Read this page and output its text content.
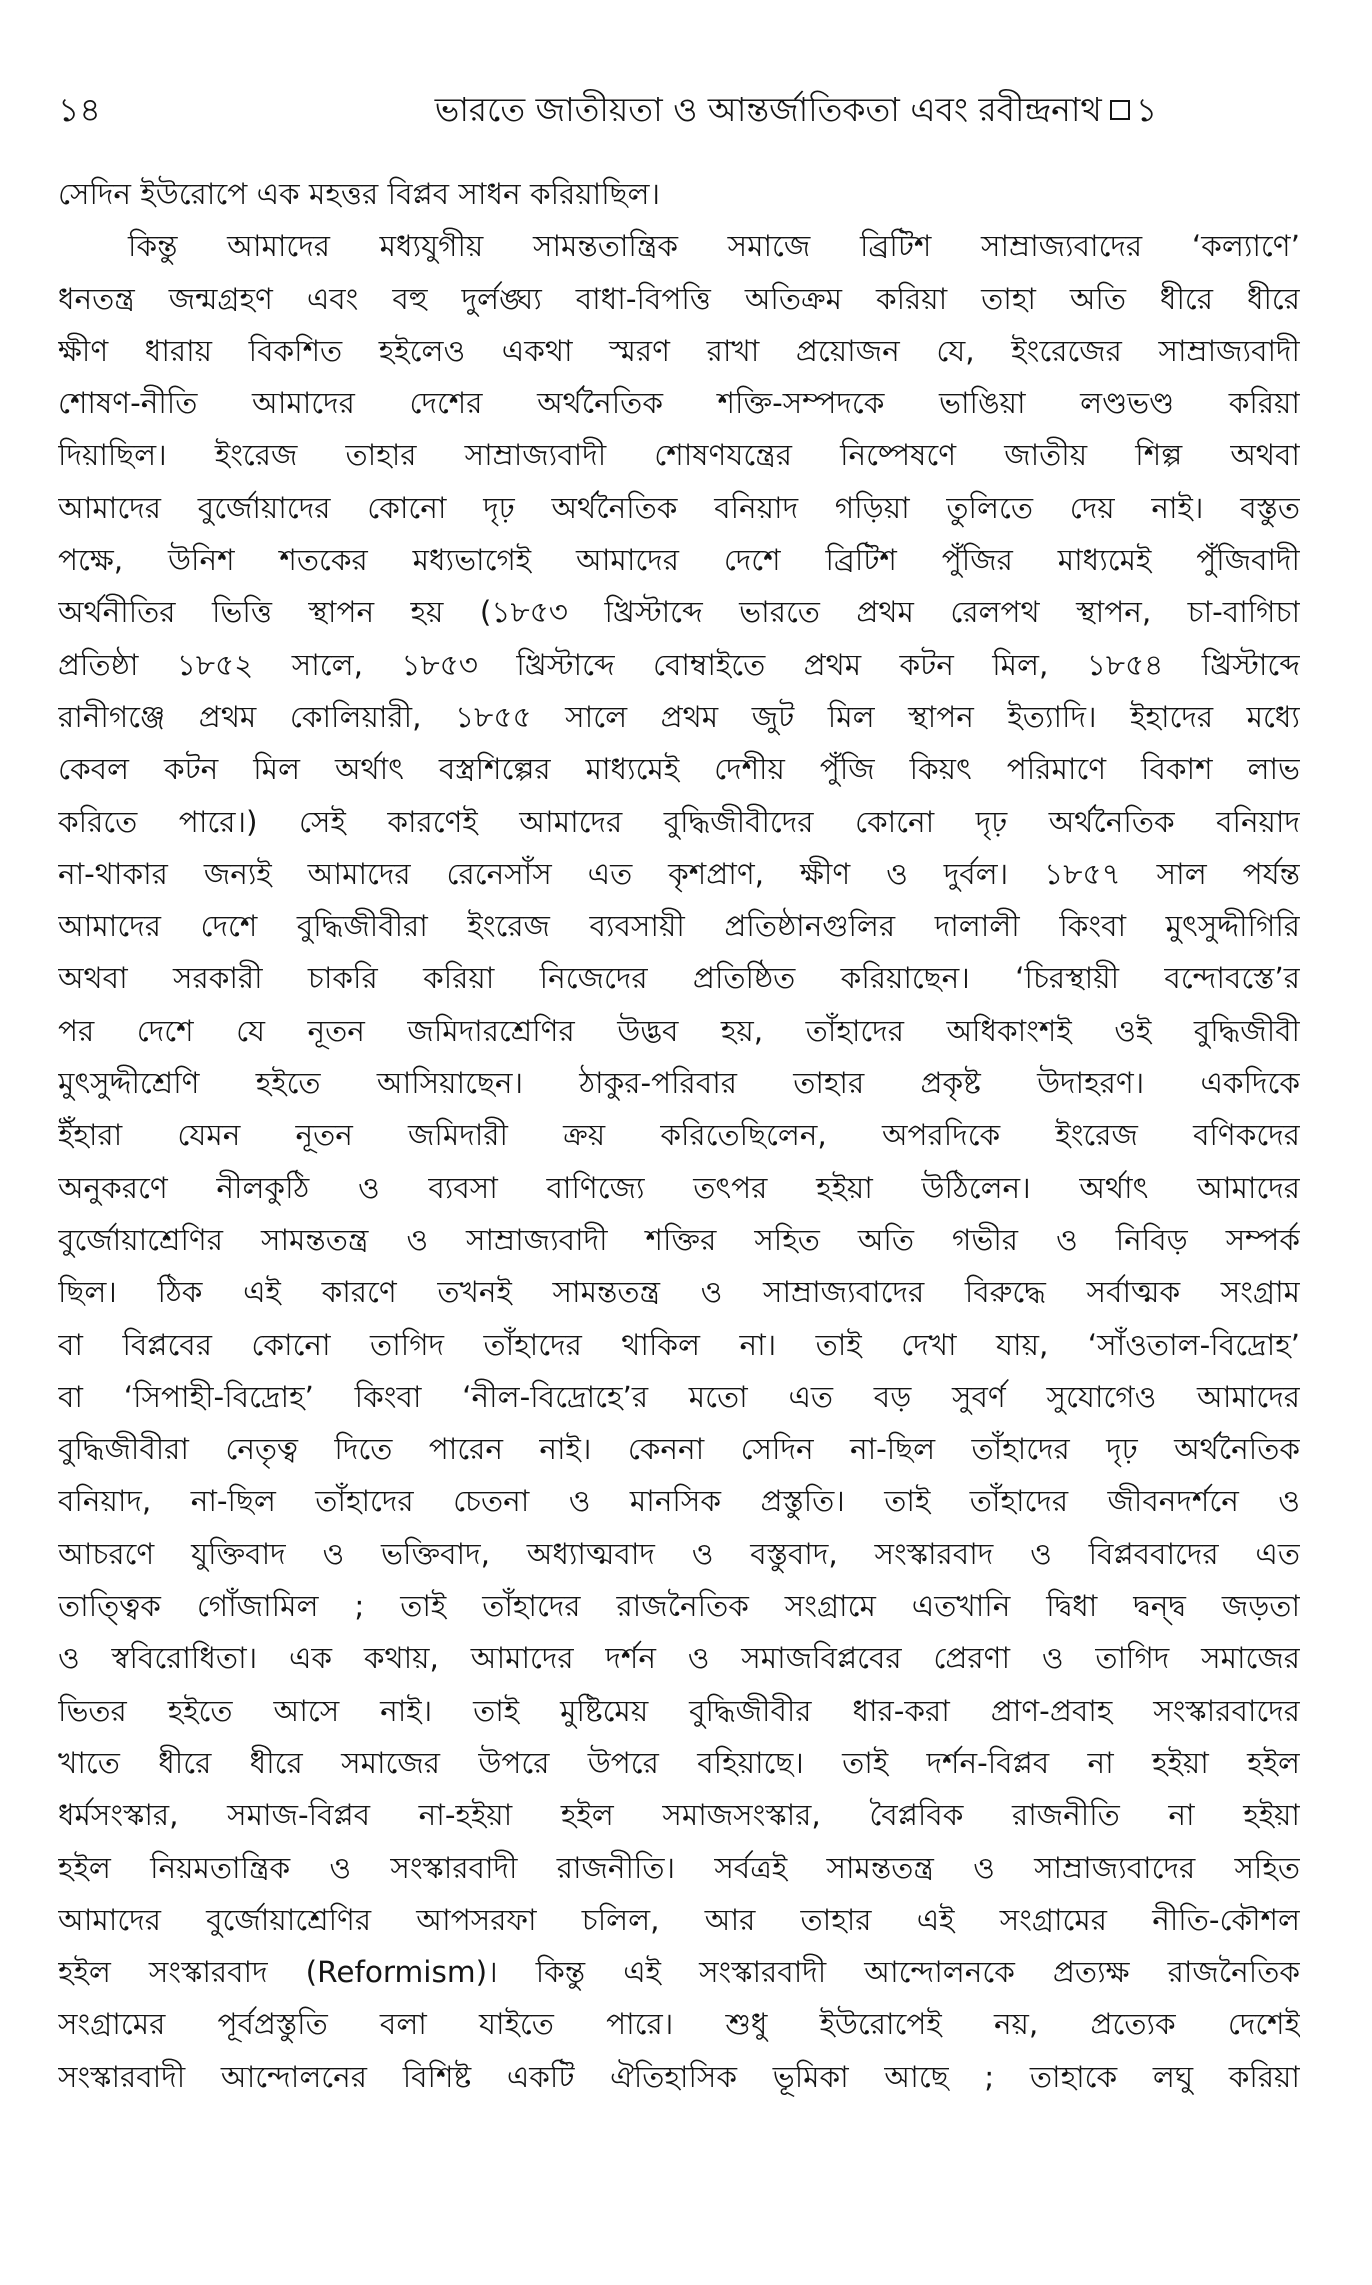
১৪	ভারতে জাতীয়তা ও আন্তর্জাতিকতা এবং রবীন্দ্রনাথ ১
সেদিন ইউরোপে এক মহত্তর বিপ্লব সাধন করিয়াছিল।
কিন্তু আমাদের মধ্যযুগীয় সামন্ততান্ত্রিক সমাজে ব্রিটিশ সাম্রাজ্যবাদের ‘কল্যাণে’
ধনতন্ত্র জন্মগ্রহণ এবং বহু দুর্লঙ্ঘ্য বাধা-বিপত্তি অতিক্রম করিয়া তাহা অতি ধীরে ধীরে
ক্ষীণ ধারায় বিকশিত হইলেও একথা স্মরণ রাখা প্রয়োজন যে, ইংরেজের সাম্রাজ্যবাদী
শোষণ-নীতি আমাদের দেশের অর্থনৈতিক শক্তি-সম্পদকে ভাঙিয়া লণ্ডভণ্ড করিয়া
দিয়াছিল। ইংরেজ তাহার সাম্রাজ্যবাদী শোষণযন্ত্রের নিষ্পেষণে জাতীয় শিল্প অথবা
আমাদের বুর্জোয়াদের কোনো দৃঢ় অর্থনৈতিক বনিয়াদ গড়িয়া তুলিতে দেয় নাই। বস্তুত
পক্ষে, উনিশ শতকের মধ্যভাগেই আমাদের দেশে ব্রিটিশ পুঁজির মাধ্যমেই পুঁজিবাদী
অর্থনীতির ভিত্তি স্থাপন হয় (১৮৫৩ খ্রিস্টাব্দে ভারতে প্রথম রেলপথ স্থাপন, চা-বাগিচা
প্রতিষ্ঠা ১৮৫২ সালে, ১৮৫৩ খ্রিস্টাব্দে বোম্বাইতে প্রথম কটন মিল, ১৮৫৪ খ্রিস্টাব্দে
রানীগঞ্জে প্রথম কোলিয়ারী, ১৮৫৫ সালে প্রথম জুট মিল স্থাপন ইত্যাদি। ইহাদের মধ্যে
কেবল কটন মিল অর্থাৎ বস্ত্রশিল্পের মাধ্যমেই দেশীয় পুঁজি কিয়ৎ পরিমাণে বিকাশ লাভ
করিতে পারে।) সেই কারণেই আমাদের বুদ্ধিজীবীদের কোনো দৃঢ় অর্থনৈতিক বনিয়াদ
না-থাকার জন্যই আমাদের রেনেসাঁস এত কৃশপ্রাণ, ক্ষীণ ও দুর্বল। ১৮৫৭ সাল পর্যন্ত
আমাদের দেশে বুদ্ধিজীবীরা ইংরেজ ব্যবসায়ী প্রতিষ্ঠানগুলির দালালী কিংবা মুৎসুদ্দীগিরি
অথবা সরকারী চাকরি করিয়া নিজেদের প্রতিষ্ঠিত করিয়াছেন। ‘চিরস্থায়ী বন্দোবস্তে’র
পর দেশে যে নূতন জমিদারশ্রেণির উদ্ভব হয়, তাঁহাদের অধিকাংশই ওই বুদ্ধিজীবী
মুৎসুদ্দীশ্রেণি হইতে আসিয়াছেন। ঠাকুর-পরিবার তাহার প্রকৃষ্ট উদাহরণ। একদিকে
ইঁহারা যেমন নূতন জমিদারী ক্রয় করিতেছিলেন, অপরদিকে ইংরেজ বণিকদের
অনুকরণে নীলকুঠি ও ব্যবসা বাণিজ্যে তৎপর হইয়া উঠিলেন। অর্থাৎ আমাদের
বুর্জোয়াশ্রেণির সামন্ততন্ত্র ও সাম্রাজ্যবাদী শক্তির সহিত অতি গভীর ও নিবিড় সম্পর্ক
ছিল। ঠিক এই কারণে তখনই সামন্ততন্ত্র ও সাম্রাজ্যবাদের বিরুদ্ধে সর্বাত্মক সংগ্রাম
বা বিপ্লবের কোনো তাগিদ তাঁহাদের থাকিল না। তাই দেখা যায়, ‘সাঁওতাল-বিদ্রোহ’
বা ‘সিপাহী-বিদ্রোহ’ কিংবা ‘নীল-বিদ্রোহে’র মতো এত বড় সুবর্ণ সুযোগেও আমাদের
বুদ্ধিজীবীরা নেতৃত্ব দিতে পারেন নাই। কেননা সেদিন না-ছিল তাঁহাদের দৃঢ় অর্থনৈতিক
বনিয়াদ, না-ছিল তাঁহাদের চেতনা ও মানসিক প্রস্তুতি। তাই তাঁহাদের জীবনদর্শনে ও
আচরণে যুক্তিবাদ ও ভক্তিবাদ, অধ্যাত্মবাদ ও বস্তুবাদ, সংস্কারবাদ ও বিপ্লববাদের এত
তাত্ত্বিক গোঁজামিল ; তাই তাঁহাদের রাজনৈতিক সংগ্রামে এতখানি দ্বিধা দ্বন্দ্ব জড়তা
ও স্ববিরোধিতা। এক কথায়, আমাদের দর্শন ও সমাজবিপ্লবের প্রেরণা ও তাগিদ সমাজের
ভিতর হইতে আসে নাই। তাই মুষ্টিমেয় বুদ্ধিজীবীর ধার-করা প্রাণ-প্রবাহ সংস্কারবাদের
খাতে ধীরে ধীরে সমাজের উপরে উপরে বহিয়াছে। তাই দর্শন-বিপ্লব না হইয়া হইল
ধর্মসংস্কার, সমাজ-বিপ্লব না-হইয়া হইল সমাজসংস্কার, বৈপ্লবিক রাজনীতি না হইয়া
হইল নিয়মতান্ত্রিক ও সংস্কারবাদী রাজনীতি। সর্বত্রই সামন্ততন্ত্র ও সাম্রাজ্যবাদের সহিত
আমাদের বুর্জোয়াশ্রেণির আপসরফা চলিল, আর তাহার এই সংগ্রামের নীতি-কৌশল
হইল সংস্কারবাদ (Reformism)। কিন্তু এই সংস্কারবাদী আন্দোলনকে প্রত্যক্ষ রাজনৈতিক
সংগ্রামের পূর্বপ্রস্তুতি বলা যাইতে পারে। শুধু ইউরোপেই নয়, প্রত্যেক দেশেই
সংস্কারবাদী আন্দোলনের বিশিষ্ট একটি ঐতিহাসিক ভূমিকা আছে ; তাহাকে লঘু করিয়া
